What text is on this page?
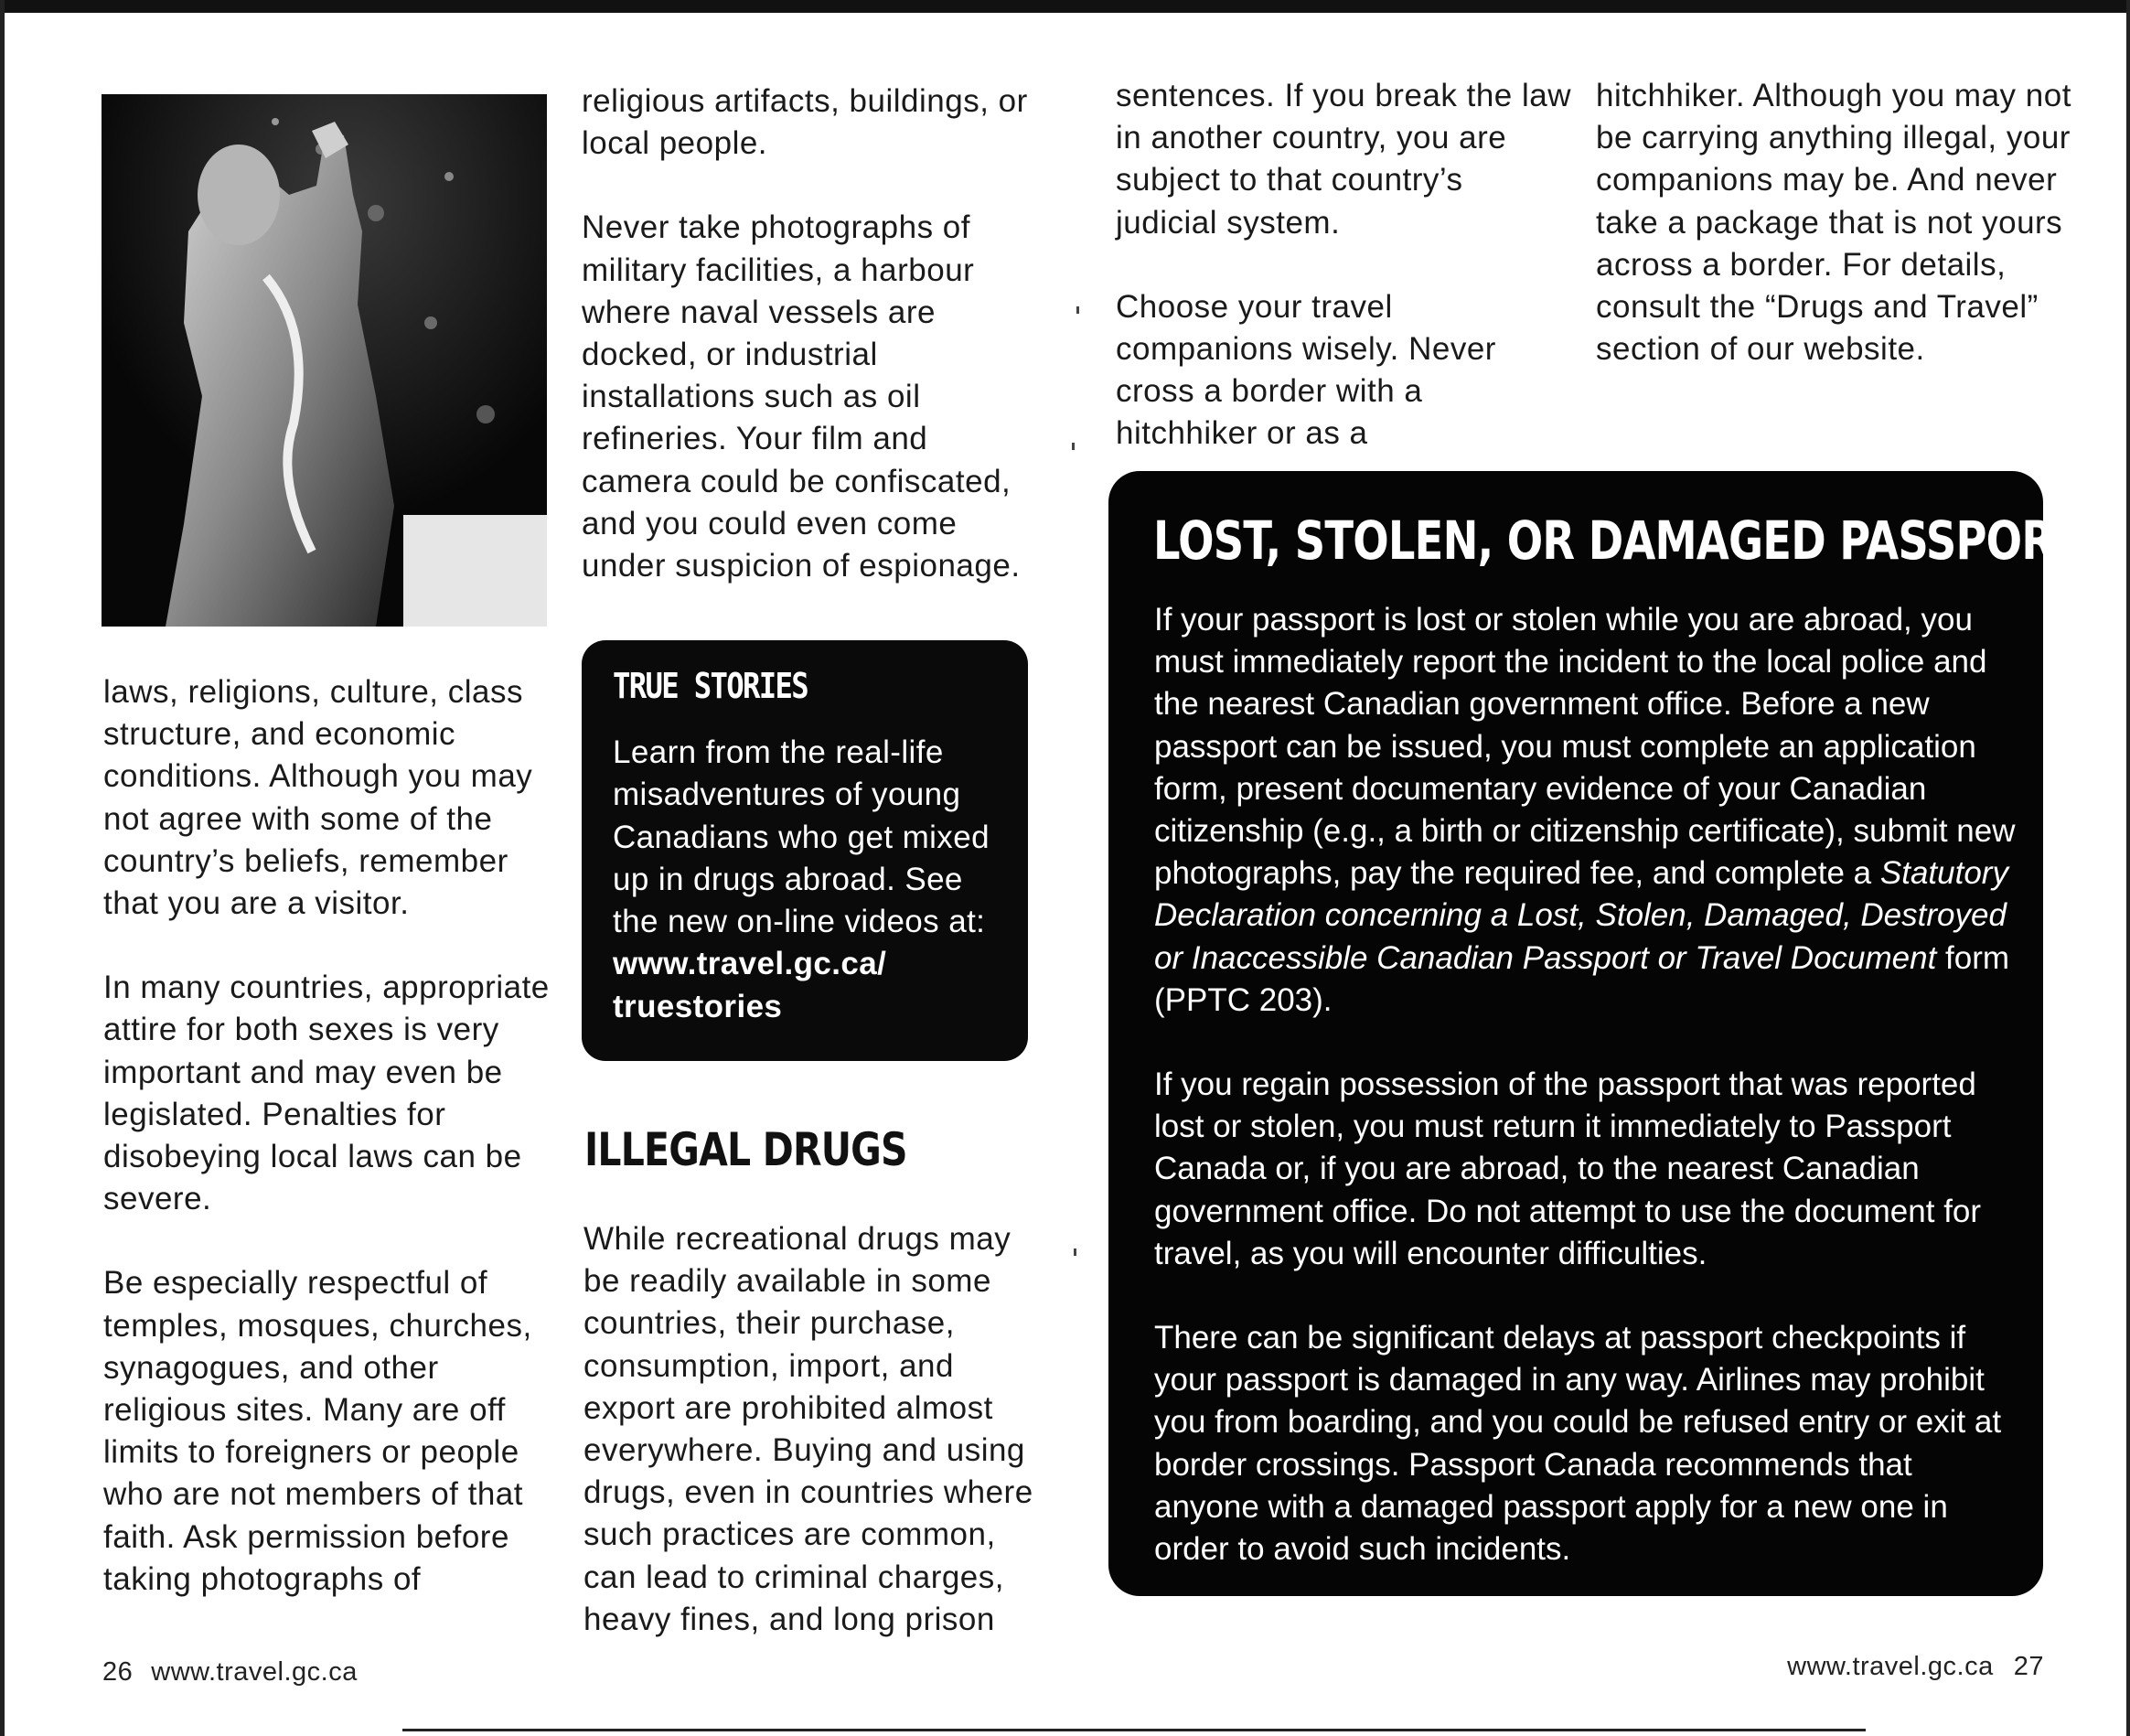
laws, religions, culture, class structure, and economic conditions. Although you may not agree with some of the country’s beliefs, remember that you are a visitor.

In many countries, appropriate attire for both sexes is very important and may even be legislated. Penalties for disobeying local laws can be severe.

Be especially respectful of temples, mosques, churches, synagogues, and other religious sites. Many are off limits to foreigners or people who are not members of that faith. Ask permission before taking photographs of

religious artifacts, buildings, or local people.

Never take photographs of military facilities, a harbour where naval vessels are docked, or industrial installations such as oil refineries. Your film and camera could be confiscated, and you could even come under suspicion of espionage.

TRUE STORIES
Learn from the real-life misadventures of young Canadians who get mixed up in drugs abroad. See the new on-line videos at:
www.travel.gc.ca/
truestories
ILLEGAL DRUGS

While recreational drugs may be readily available in some countries, their purchase, consumption, import, and export are prohibited almost everywhere. Buying and using drugs, even in countries where such practices are common, can lead to criminal charges, heavy fines, and long prison

sentences. If you break the law in another country, you are subject to that country’s judicial system.

Choose your travel companions wisely. Never cross a border with a hitchhiker or as a

hitchhiker. Although you may not be carrying anything illegal, your companions may be. And never take a package that is not yours across a border. For details, consult the “Drugs and Travel” section of our website.

LOST, STOLEN, OR DAMAGED PASSPORT

If your passport is lost or stolen while you are abroad, you must immediately report the incident to the local police and the nearest Canadian government office. Before a new passport can be issued, you must complete an application form, present documentary evidence of your Canadian citizenship (e.g., a birth or citizenship certificate), submit new photographs, pay the required fee, and complete a Statutory Declaration concerning a Lost, Stolen, Damaged, Destroyed or Inaccessible Canadian Passport or Travel Document form (PPTC 203).

If you regain possession of the passport that was reported lost or stolen, you must return it immediately to Passport Canada or, if you are abroad, to the nearest Canadian government office. Do not attempt to use the document for travel, as you will encounter difficulties.

There can be significant delays at passport checkpoints if your passport is damaged in any way. Airlines may prohibit you from boarding, and you could be refused entry or exit at border crossings. Passport Canada recommends that anyone with a damaged passport apply for a new one in order to avoid such incidents.

26 www.travel.gc.ca	www.travel.gc.ca 27
